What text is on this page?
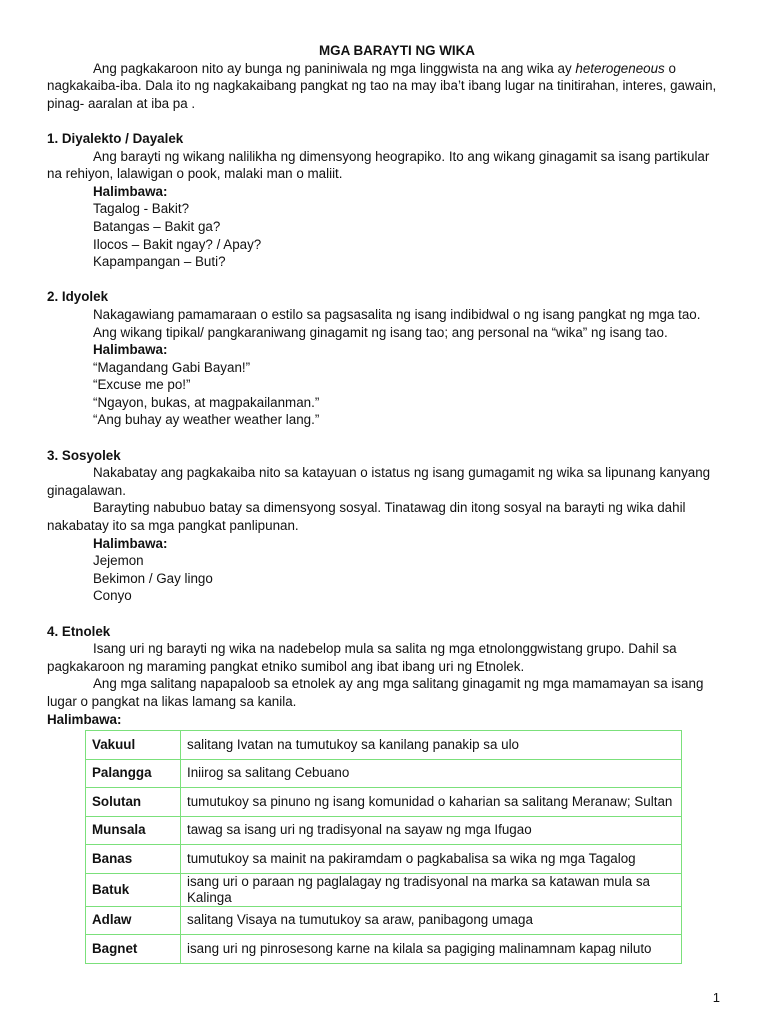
MGA BARAYTI NG WIKA

Ang pagkakaroon nito ay bunga ng paniniwala ng mga linggwista na ang wika ay heterogeneous o nagkakaiba-iba. Dala ito ng nagkakaibang pangkat ng tao na may iba’t ibang lugar na tinitirahan, interes, gawain, pinag- aaralan at iba pa .

1. Diyalekto / Dayalek

Ang barayti ng wikang nalilikha ng dimensyong heograpiko. Ito ang wikang ginagamit sa isang partikular na rehiyon, lalawigan o pook, malaki man o maliit.

Halimbawa:

Tagalog - Bakit?

Batangas – Bakit ga?

Ilocos – Bakit ngay? / Apay?

Kapampangan – Buti?

2. Idyolek

Nakagawiang pamamaraan o estilo sa pagsasalita ng isang indibidwal o ng isang pangkat ng mga tao.

Ang wikang tipikal/ pangkaraniwang ginagamit ng isang tao; ang personal na “wika” ng isang tao.

Halimbawa:

“Magandang Gabi Bayan!”

“Excuse me po!”

“Ngayon, bukas, at magpakailanman.”

“Ang buhay ay weather weather lang.”

3. Sosyolek

Nakabatay ang pagkakaiba nito sa katayuan o istatus ng isang gumagamit ng wika sa lipunang kanyang ginagalawan.

Barayting nabubuo batay sa dimensyong sosyal. Tinatawag din itong sosyal na barayti ng wika dahil nakabatay ito sa mga pangkat panlipunan.

Halimbawa:

Jejemon

Bekimon / Gay lingo

Conyo

4. Etnolek

Isang uri ng barayti ng wika na nadebelop mula sa salita ng mga etnolonggwistang grupo. Dahil sa pagkakaroon ng maraming pangkat etniko sumibol ang ibat ibang uri ng Etnolek.

Ang mga salitang napapaloob sa etnolek ay ang mga salitang ginagamit ng mga mamamayan sa isang lugar o pangkat na likas lamang sa kanila.

Halimbawa:

Vakuul	salitang Ivatan na tumutukoy sa kanilang panakip sa ulo
Palangga	Iniirog sa salitang Cebuano
Solutan	tumutukoy sa pinuno ng isang komunidad o kaharian sa salitang Meranaw; Sultan
Munsala	tawag sa isang uri ng tradisyonal na sayaw ng mga Ifugao
Banas	tumutukoy sa mainit na pakiramdam o pagkabalisa sa wika ng mga Tagalog
Batuk	isang uri o paraan ng paglalagay ng tradisyonal na marka sa katawan mula sa Kalinga
Adlaw	salitang Visaya na tumutukoy sa araw, panibagong umaga
Bagnet	isang uri ng pinrosesong karne na kilala sa pagiging malinamnam kapag niluto
1
